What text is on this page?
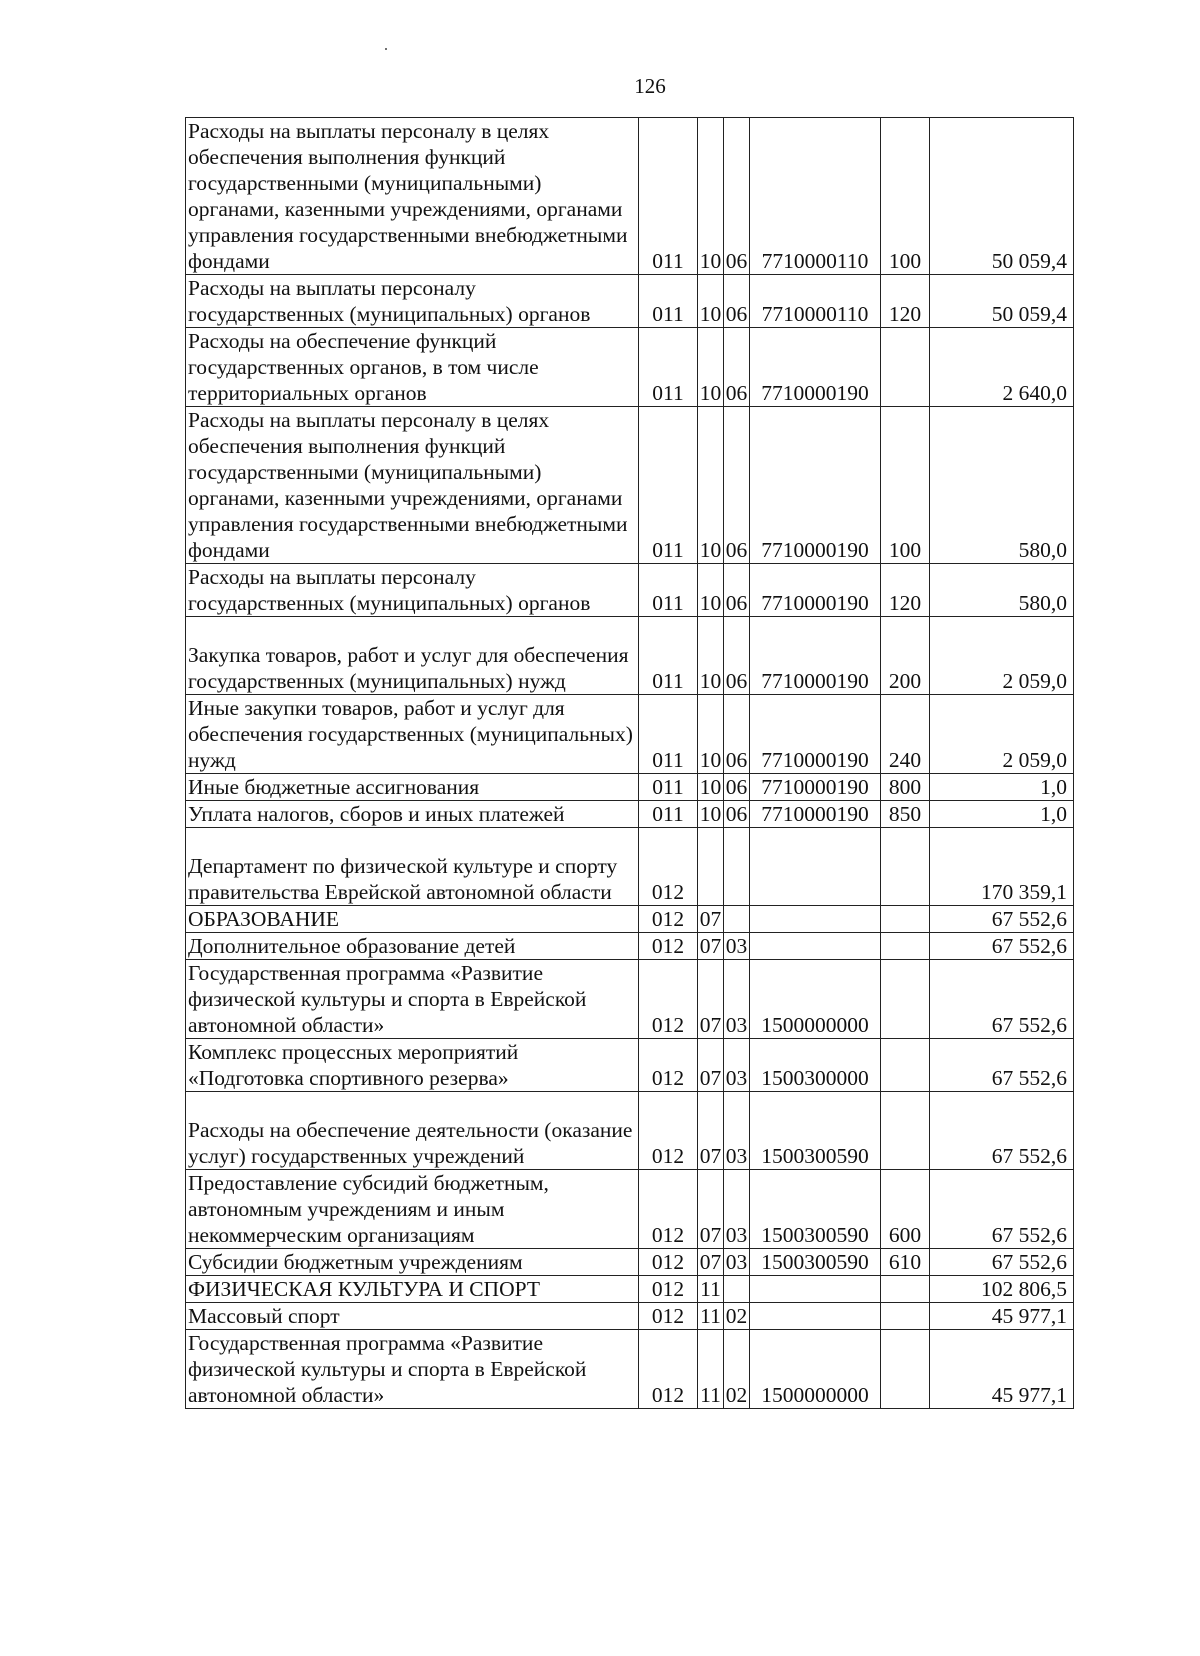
126
Расходы на выплаты персоналу в целях обеспечения выполнения функций государственными (муниципальными) органами, казенными учреждениями, органами управления государственными внебюджетными фондами	011	10	06	7710000110	100	50 059,4
Расходы на выплаты персоналу государственных (муниципальных) органов	011	10	06	7710000110	120	50 059,4
Расходы на обеспечение функций государственных органов, в том числе территориальных органов	011	10	06	7710000190		2 640,0
Расходы на выплаты персоналу в целях обеспечения выполнения функций государственными (муниципальными) органами, казенными учреждениями, органами управления государственными внебюджетными фондами	011	10	06	7710000190	100	580,0
Расходы на выплаты персоналу государственных (муниципальных) органов	011	10	06	7710000190	120	580,0
Закупка товаров, работ и услуг для обеспечения государственных (муниципальных) нужд	011	10	06	7710000190	200	2 059,0
Иные закупки товаров, работ и услуг для обеспечения государственных (муниципальных) нужд	011	10	06	7710000190	240	2 059,0
Иные бюджетные ассигнования	011	10	06	7710000190	800	1,0
Уплата налогов, сборов и иных платежей	011	10	06	7710000190	850	1,0
Департамент по физической культуре и спорту правительства Еврейской автономной области	012					170 359,1
ОБРАЗОВАНИЕ	012	07				67 552,6
Дополнительное образование детей	012	07	03			67 552,6
Государственная программа «Развитие физической культуры и спорта в Еврейской автономной области»	012	07	03	1500000000		67 552,6
Комплекс процессных мероприятий «Подготовка спортивного резерва»	012	07	03	1500300000		67 552,6
Расходы на обеспечение деятельности (оказание услуг) государственных учреждений	012	07	03	1500300590		67 552,6
Предоставление субсидий бюджетным, автономным учреждениям и иным некоммерческим организациям	012	07	03	1500300590	600	67 552,6
Субсидии бюджетным учреждениям	012	07	03	1500300590	610	67 552,6
ФИЗИЧЕСКАЯ КУЛЬТУРА И СПОРТ	012	11				102 806,5
Массовый спорт	012	11	02			45 977,1
Государственная программа «Развитие физической культуры и спорта в Еврейской автономной области»	012	11	02	1500000000		45 977,1
